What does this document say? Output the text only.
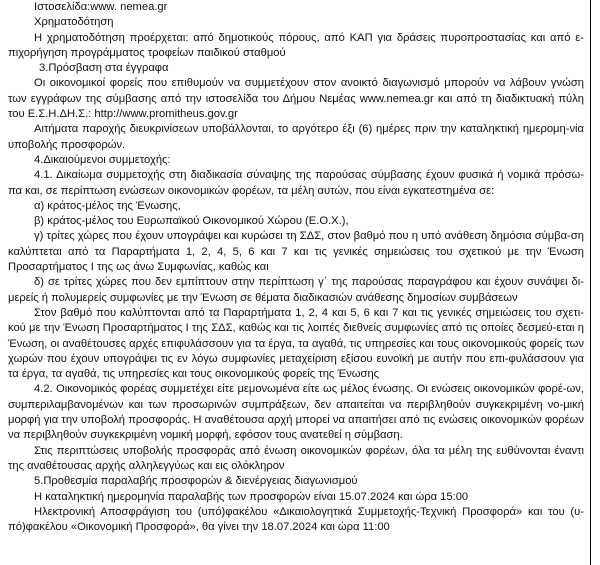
Ιστοσελίδα:www. nemea.gr

Χρηματοδότηση

Η χρηματοδότηση προέρχεται: από δημοτικούς πόρους, από ΚΑΠ για δράσεις πυροπροστασίας και από ε-πιχορήγηση προγράμματος τροφείων παιδικού σταθμού

3.Πρόσβαση στα έγγραφα

Οι οικονομικοί φορείς που επιθυμούν να συμμετέχουν στον ανοικτό διαγωνισμό μπορούν να λάβουν γνώση των εγγράφων της σύμβασης από την ιστοσελίδα του Δήμου Νεμέας www.nemea.gr και από τη διαδικτυακή πύλη του Ε.Σ.Η.ΔΗ.Σ.: http://www.promitheus.gov.gr

Αιτήματα παροχής διευκρινίσεων υποβάλλονται, το αργότερο έξι (6) ημέρες πριν την καταληκτική ημερομη-νία υποβολής προσφορών.

4.Δικαιούμενοι συμμετοχής:

4.1. Δικαίωμα συμμετοχής στη διαδικασία σύναψης της παρούσας σύμβασης έχουν φυσικά ή νομικά πρόσω-πα και, σε περίπτωση ενώσεων οικονομικών φορέων, τα μέλη αυτών, που είναι εγκατεστημένα σε:

α) κράτος-μέλος της Ένωσης,

β) κράτος-μέλος του Ευρωπαϊκού Οικονομικού Χώρου (Ε.Ο.Χ.),

γ) τρίτες χώρες που έχουν υπογράψει και κυρώσει τη ΣΔΣ, στον βαθμό που η υπό ανάθεση δημόσια σύμβα-ση καλύπτεται από τα Παραρτήματα 1, 2, 4, 5, 6 και 7 και τις γενικές σημειώσεις του σχετικού με την Ένωση Προσαρτήματος Ι της ως άνω Συμφωνίας, καθώς και

δ) σε τρίτες χώρες που δεν εμπίπτουν στην περίπτωση γ΄ της παρούσας παραγράφου και έχουν συνάψει δι-μερείς ή πολυμερείς συμφωνίες με την Ένωση σε θέματα διαδικασιών ανάθεσης δημοσίων συμβάσεων

Στον βαθμό που καλύπτονται από τα Παραρτήματα 1, 2, 4 και 5, 6 και 7 και τις γενικές σημειώσεις του σχετι-κού με την Ένωση Προσαρτήματος Ι της ΣΔΣ, καθώς και τις λοιπές διεθνείς συμφωνίες από τις οποίες δεσμεύ-εται η Ένωση, οι αναθέτουσες αρχές επιφυλάσσουν για τα έργα, τα αγαθά, τις υπηρεσίες και τους οικονομικούς φορείς των χωρών που έχουν υπογράψει τις εν λόγω συμφωνίες μεταχείριση εξίσου ευνοϊκή με αυτήν που επι-φυλάσσουν για τα έργα, τα αγαθά, τις υπηρεσίες και τους οικονομικούς φορείς της Ένωσης

4.2. Οικονομικός φορέας συμμετέχει είτε μεμονωμένα είτε ως μέλος ένωσης. Οι ενώσεις οικονομικών φορέ-ων, συμπεριλαμβανομένων και των προσωρινών συμπράξεων, δεν απαιτείται να περιβληθούν συγκεκριμένη νο-μική μορφή για την υποβολή προσφοράς. Η αναθέτουσα αρχή μπορεί να απαιτήσει από τις ενώσεις οικονομικών φορέων να περιβληθούν συγκεκριμένη νομική μορφή, εφόσον τους ανατεθεί η σύμβαση.

Στις περιπτώσεις υποβολής προσφοράς από ένωση οικονομικών φορέων, όλα τα μέλη της ευθύνονται έναντι της αναθέτουσας αρχής αλληλεγγύως και εις ολόκληρον

5.Προθεσμία παραλαβής προσφορών & διενέργειας διαγωνισμού

Η καταληκτική ημερομηνία παραλαβής των προσφορών είναι 15.07.2024 και ώρα 15:00

Ηλεκτρονική Αποσφράγιση του (υπό)φακέλου «Δικαιολογητικά Συμμετοχής-Τεχνική Προσφορά» και του (υ-πό)φακέλου «Οικονομική Προσφορά», θα γίνει την 18.07.2024 και ώρα 11:00
